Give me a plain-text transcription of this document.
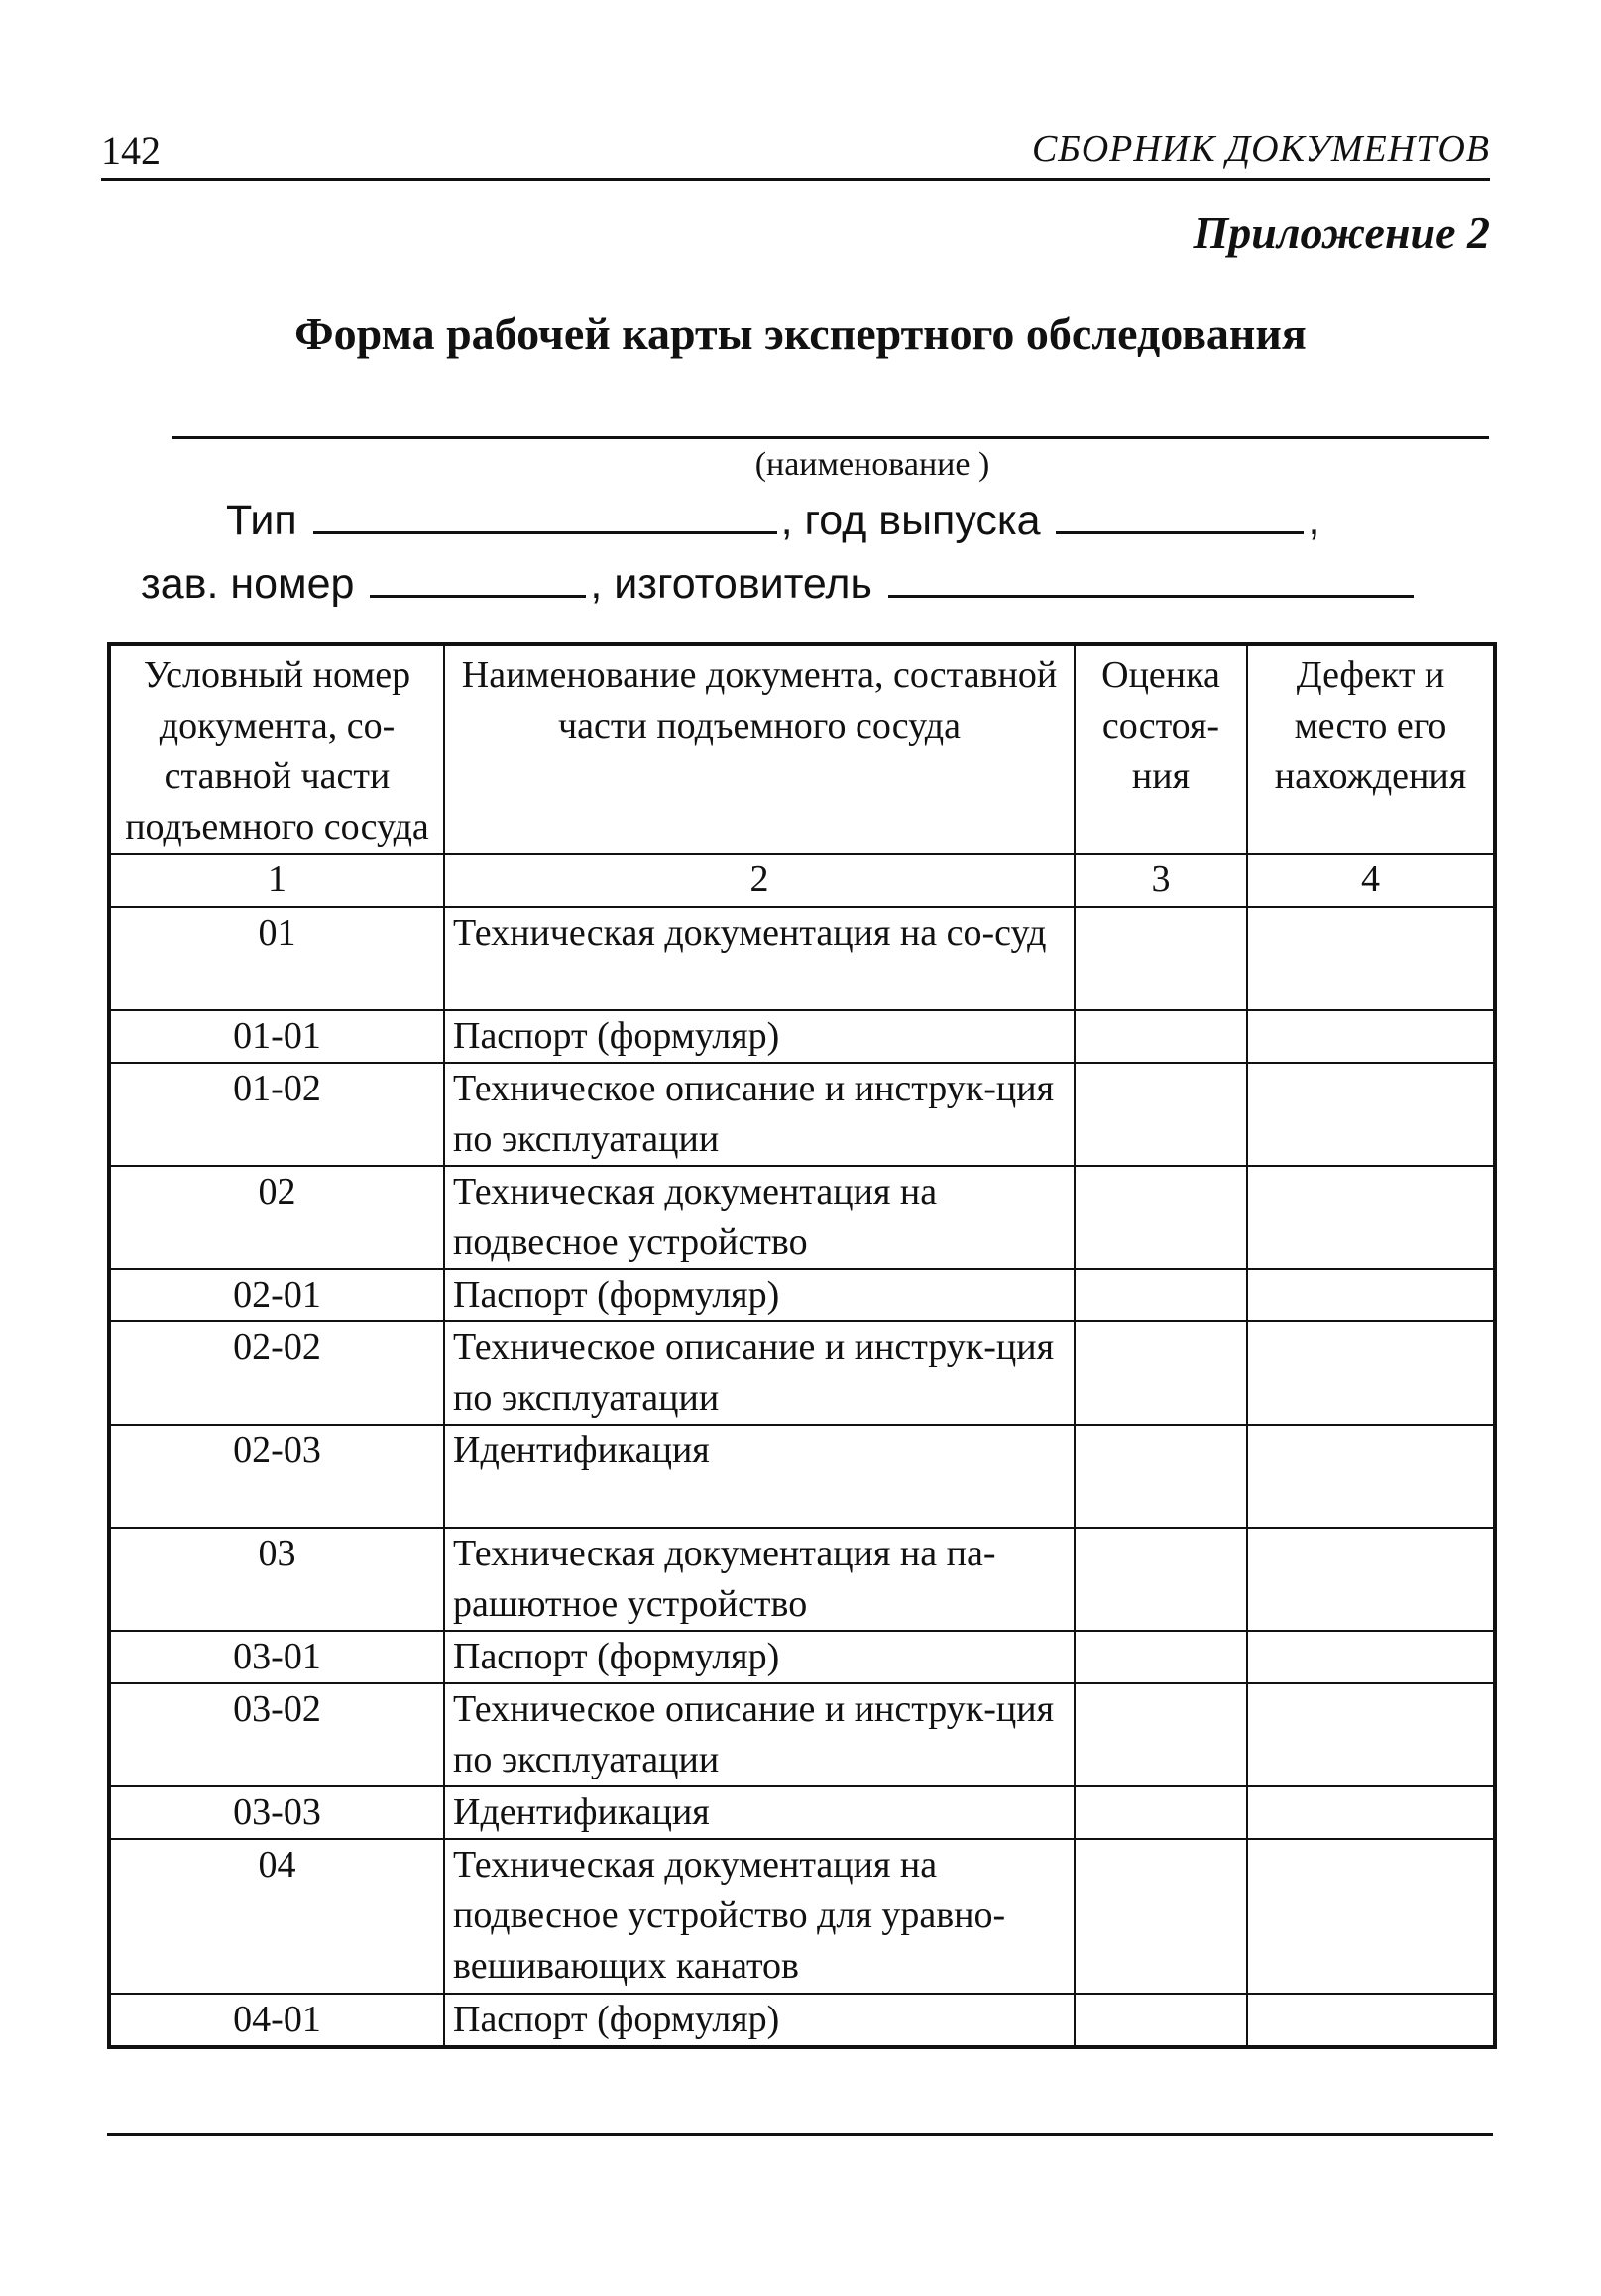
142	СБОРНИК ДОКУМЕНТОВ
Приложение 2
Форма рабочей карты экспертного обследования
(наименование )
Тип	, год выпуска	,
зав. номер	, изготовитель
Условный номер документа, со-ставной части подъемного сосуда	Наименование документа, составной части подъемного сосуда	Оценка состоя-ния	Дефект и место его нахождения
1	2	3	4
01	Техническая документация на со-суд		
01-01	Паспорт (формуляр)		
01-02	Техническое описание и инструк-ция по эксплуатации		
02	Техническая документация на подвесное устройство		
02-01	Паспорт (формуляр)		
02-02	Техническое описание и инструк-ция по эксплуатации		
02-03	Идентификация		
03	Техническая документация на па-рашютное устройство		
03-01	Паспорт (формуляр)		
03-02	Техническое описание и инструк-ция по эксплуатации		
03-03	Идентификация		
04	Техническая документация на подвесное устройство для уравно-вешивающих канатов		
04-01	Паспорт (формуляр)		
